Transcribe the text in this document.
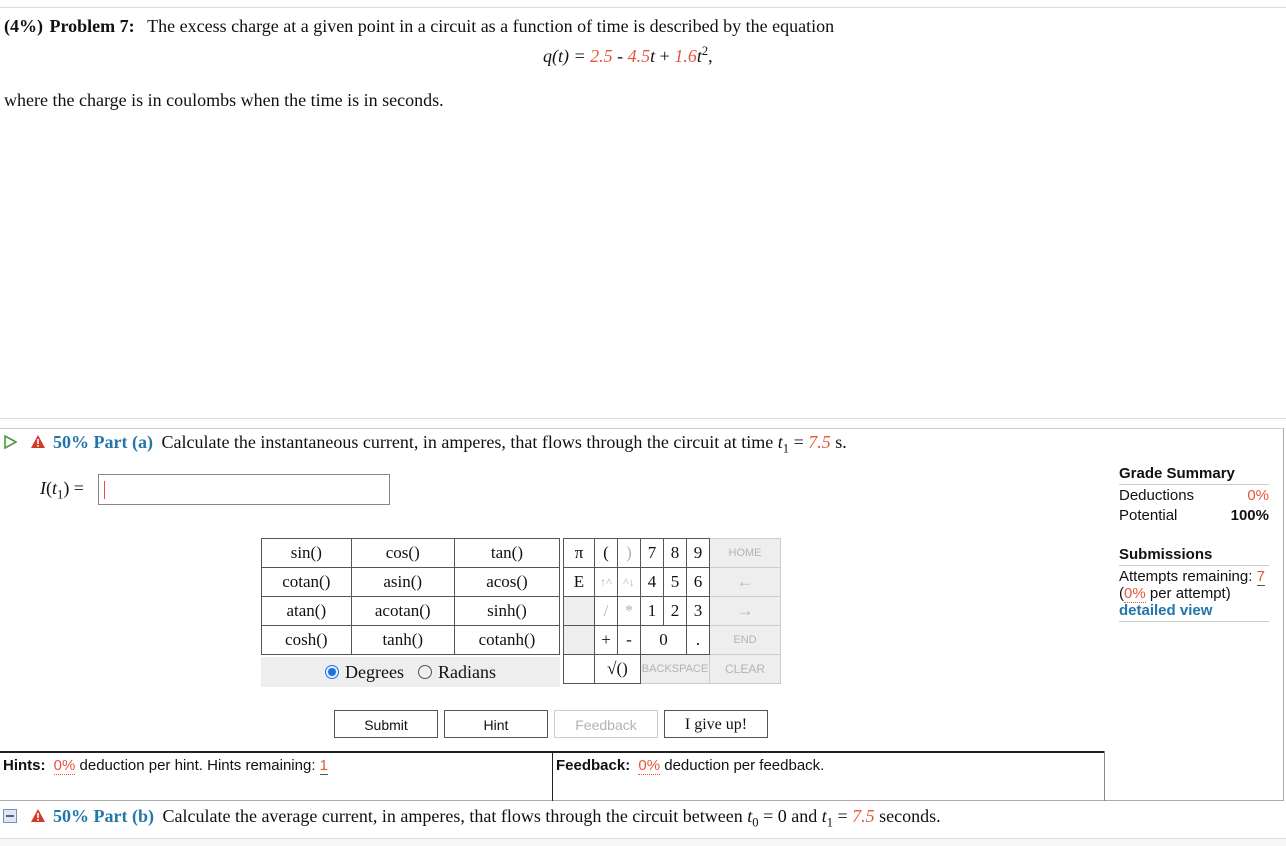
(4%) Problem 7: The excess charge at a given point in a circuit as a function of time is described by the equation
$q(t) = 2.5 - 4.5t + 1.6t^2$,
where the charge is in coulombs when the time is in seconds.
50% Part (a) Calculate the instantaneous current, in amperes, that flows through the circuit at time $t_1 = 7.5$ s.
$I(t_1)$ =
sin()	cos()	tan()
cotan()	asin()	acos()
atan()	acotan()	sinh()
cosh()	tanh()	cotanh()
Degrees Radians
π	(	)	7	8	9	HOME
E	↑^	^↓	4	5	6	←
	/	*	1	2	3	→
	+	-	0		.	END
	√()		BACKSPACE			CLEAR
Submit	Hint	Feedback	I give up!
Hints: 0% deduction per hint. Hints remaining: 1	Feedback: 0% deduction per feedback.
Grade Summary
Deductions	0%
Potential	100%
Submissions
Attempts remaining: 7
(0% per attempt)
detailed view
50% Part (b) Calculate the average current, in amperes, that flows through the circuit between $t_0 = 0$ and $t_1 = 7.5$ seconds.
